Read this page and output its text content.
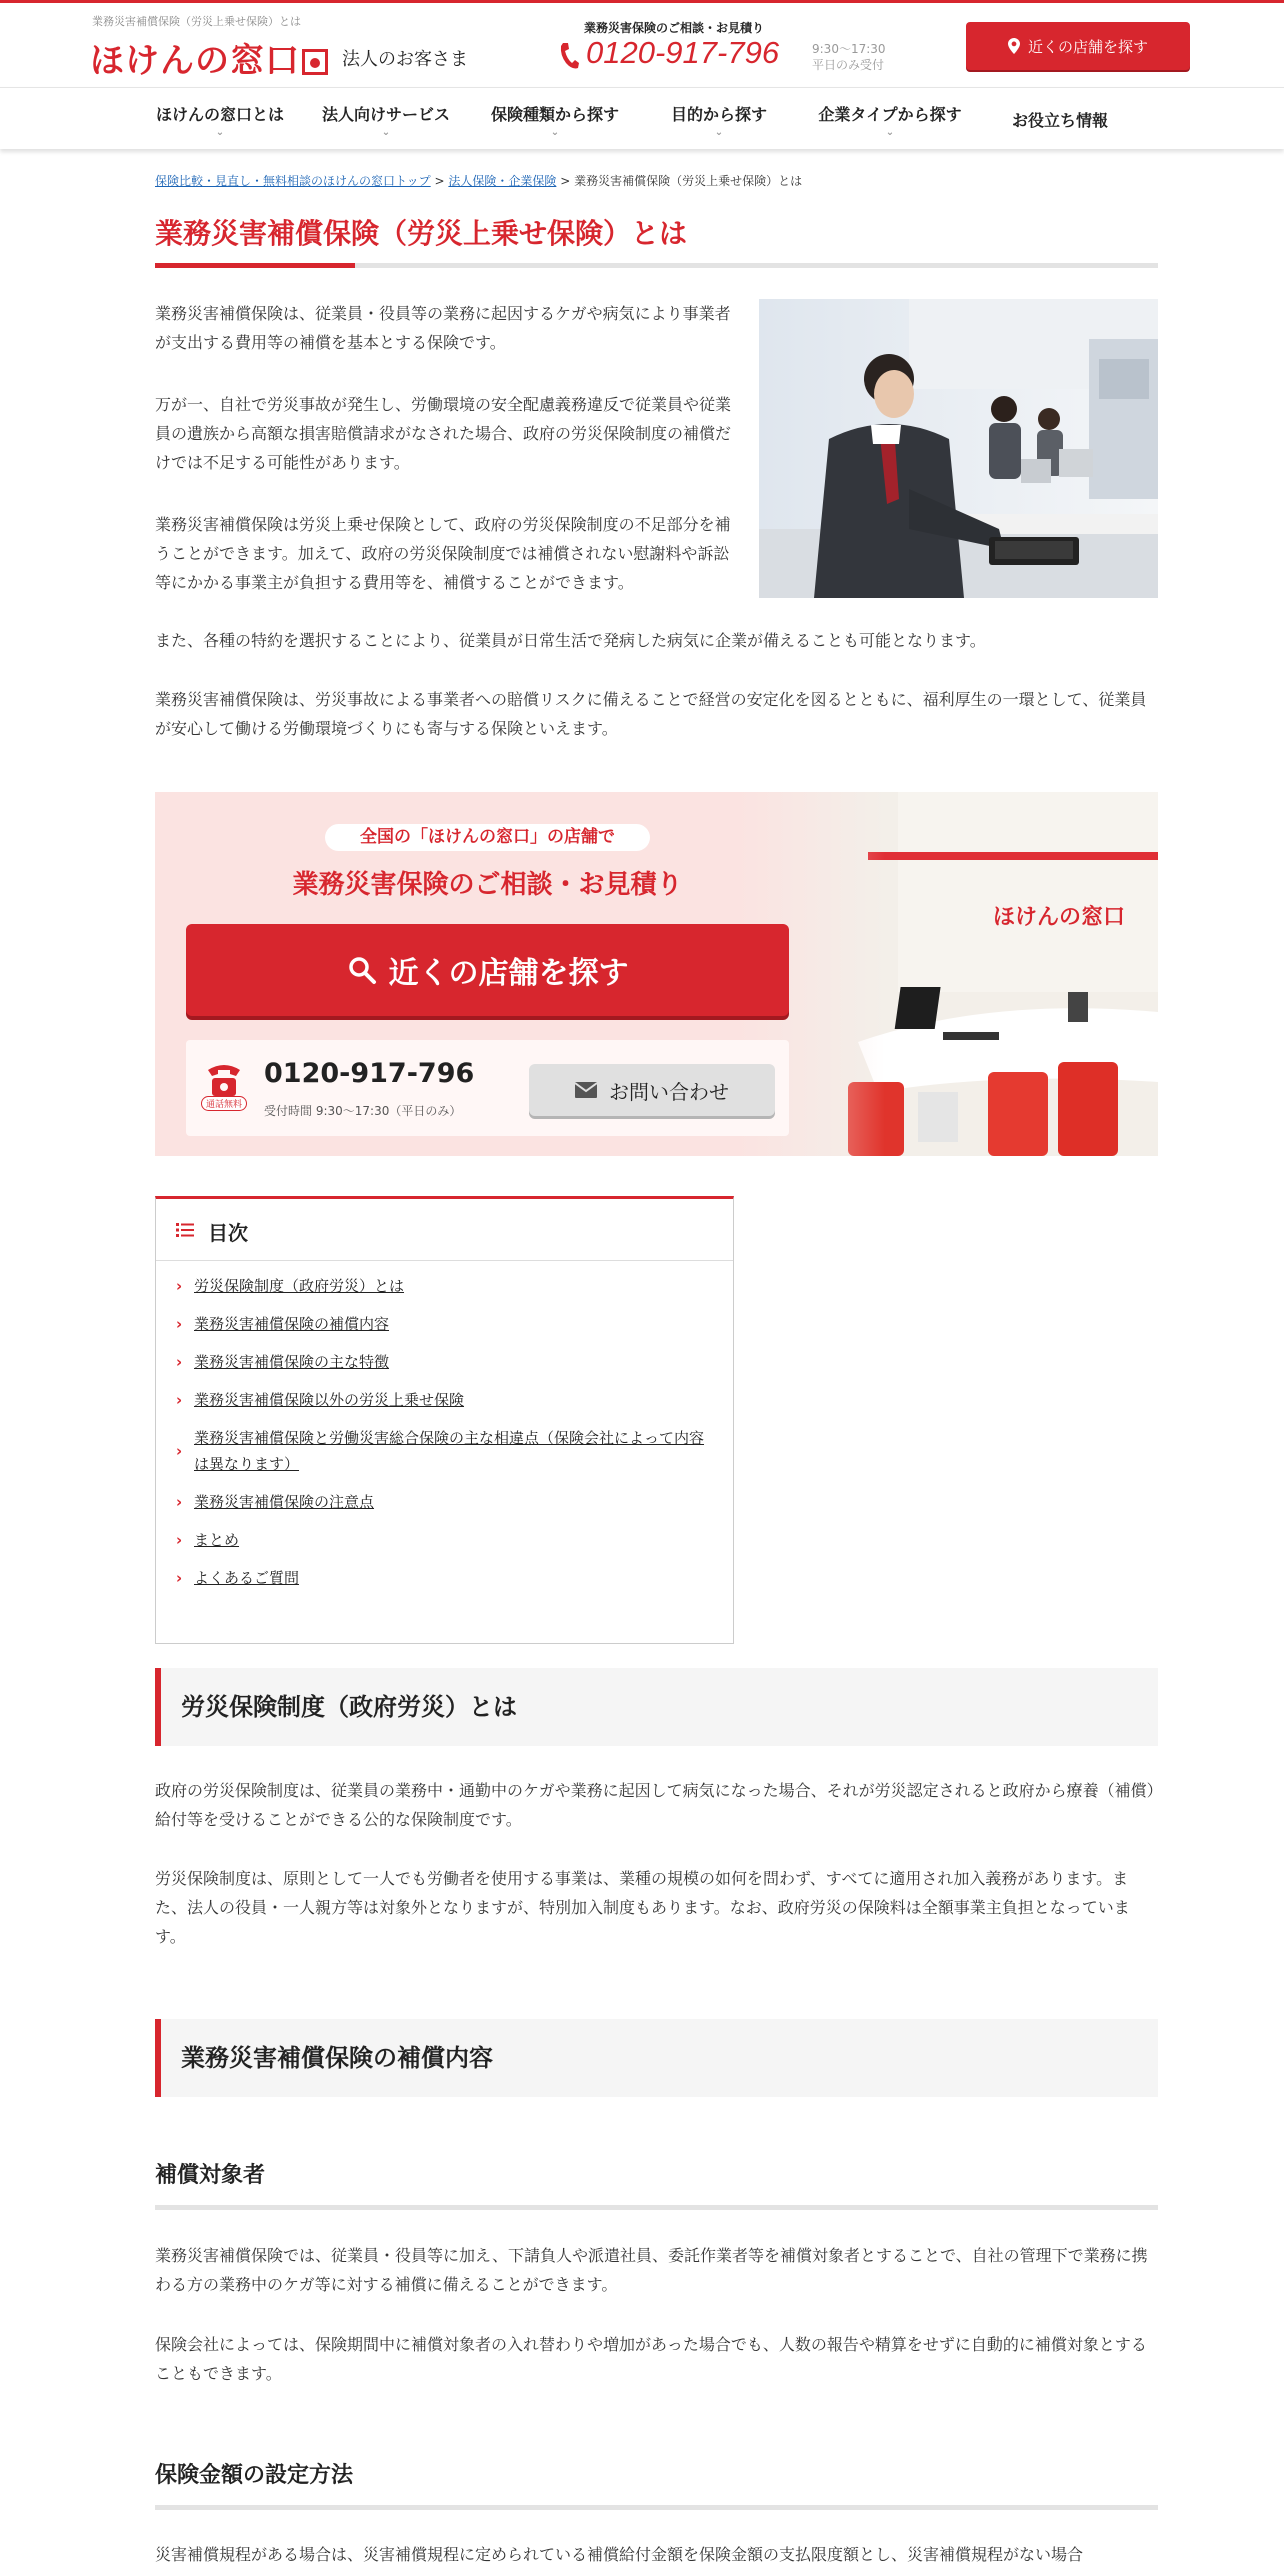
業務災害補償保険（労災上乗せ保険）とは
ほけんの窓口	法人のお客さま
業務災害保険のご相談・お見積り
0120-917-796	9:30～17:30
平日のみ受付
近くの店舗を探す
ほけんの窓口とは
⌄
法人向けサービス
⌄
保険種類から探す
⌄
目的から探す
⌄
企業タイプから探す
⌄
お役立ち情報
保険比較・見直し・無料相談のほけんの窓口トップ > 法人保険・企業保険 > 業務災害補償保険（労災上乗せ保険）とは
業務災害補償保険（労災上乗せ保険）とは

業務災害補償保険は、従業員・役員等の業務に起因するケガや病気により事業者が支出する費用等の補償を基本とする保険です。

万が一、自社で労災事故が発生し、労働環境の安全配慮義務違反で従業員や従業員の遺族から高額な損害賠償請求がなされた場合、政府の労災保険制度の補償だけでは不足する可能性があります。

業務災害補償保険は労災上乗せ保険として、政府の労災保険制度の不足部分を補うことができます。加えて、政府の労災保険制度では補償されない慰謝料や訴訟等にかかる事業主が負担する費用等を、補償することができます。

また、各種の特約を選択することにより、従業員が日常生活で発病した病気に企業が備えることも可能となります。

業務災害補償保険は、労災事故による事業者への賠償リスクに備えることで経営の安定化を図るとともに、福利厚生の一環として、従業員が安心して働ける労働環境づくりにも寄与する保険といえます。

全国の「ほけんの窓口」の店舗で
業務災害保険のご相談・お見積り
近くの店舗を探す
通話無料
0120-917-796
受付時間 9:30～17:30（平日のみ）
お問い合わせ
目次
› 労災保険制度（政府労災）とは
› 業務災害補償保険の補償内容
› 業務災害補償保険の主な特徴
› 業務災害補償保険以外の労災上乗せ保険
›
業務災害補償保険と労働災害総合保険の主な相違点（保険会社によって内容は異なります）
› 業務災害補償保険の注意点
› まとめ
› よくあるご質問
労災保険制度（政府労災）とは

政府の労災保険制度は、従業員の業務中・通勤中のケガや業務に起因して病気になった場合、それが労災認定されると政府から療養（補償）給付等を受けることができる公的な保険制度です。

労災保険制度は、原則として一人でも労働者を使用する事業は、業種の規模の如何を問わず、すべてに適用され加入義務があります。また、法人の役員・一人親方等は対象外となりますが、特別加入制度もあります。なお、政府労災の保険料は全額事業主負担となっています。

業務災害補償保険の補償内容
補償対象者

業務災害補償保険では、従業員・役員等に加え、下請負人や派遣社員、委託作業者等を補償対象者とすることで、自社の管理下で業務に携わる方の業務中のケガ等に対する補償に備えることができます。

保険会社によっては、保険期間中に補償対象者の入れ替わりや増加があった場合でも、人数の報告や精算をせずに自動的に補償対象とすることもできます。

保険金額の設定方法

災害補償規程がある場合は、災害補償規程に定められている補償給付金額を保険金額の支払限度額とし、災害補償規程がない場合
